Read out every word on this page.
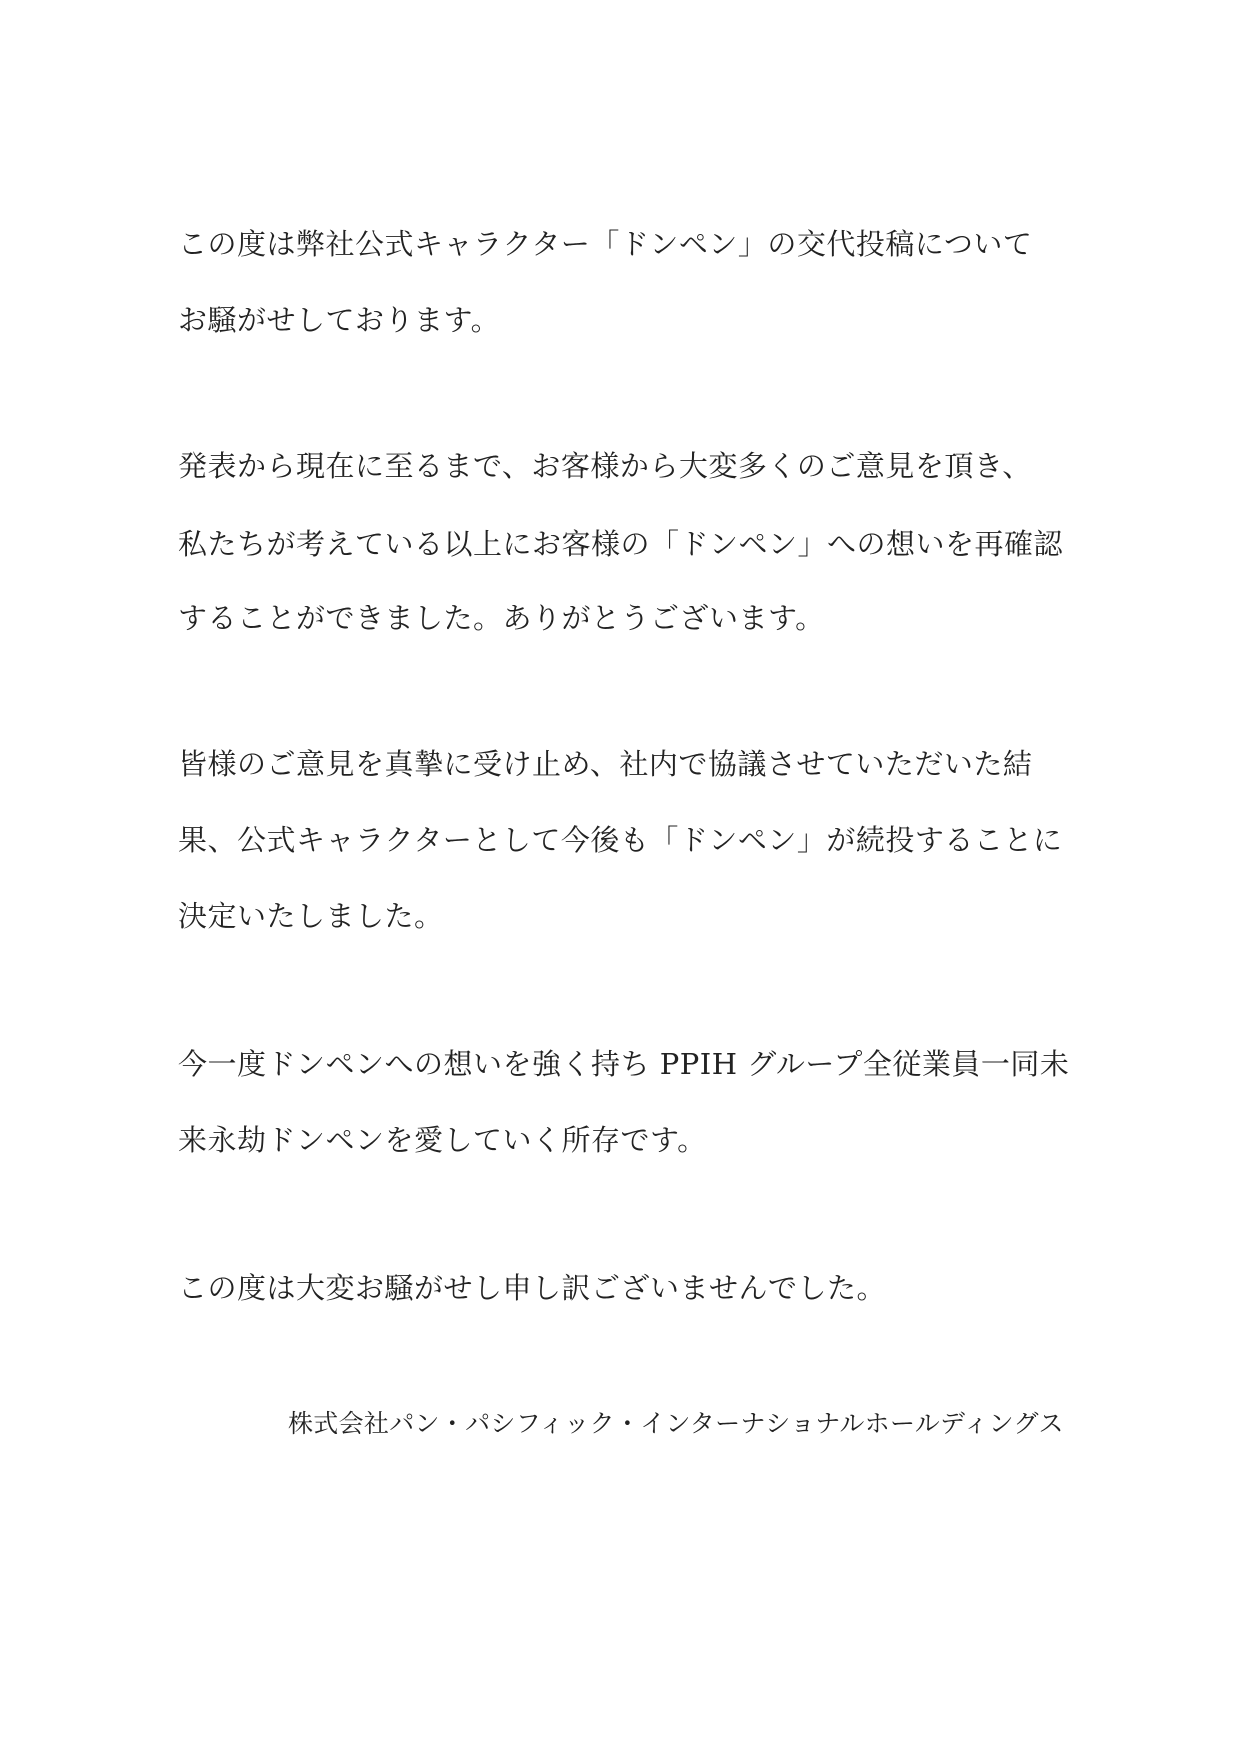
この度は弊社公式キャラクター「ドンペン」の交代投稿について
お騒がせしております。
発表から現在に至るまで、お客様から大変多くのご意見を頂き、
私たちが考えている以上にお客様の「ドンペン」への想いを再確認
することができました。ありがとうございます。
皆様のご意見を真摯に受け止め、社内で協議させていただいた結
果、公式キャラクターとして今後も「ドンペン」が続投することに
決定いたしました。
今一度ドンペンへの想いを強く持ち PPIH グループ全従業員一同未
来永劫ドンペンを愛していく所存です。
この度は大変お騒がせし申し訳ございませんでした。
株式会社パン・パシフィック・インターナショナルホールディングス
